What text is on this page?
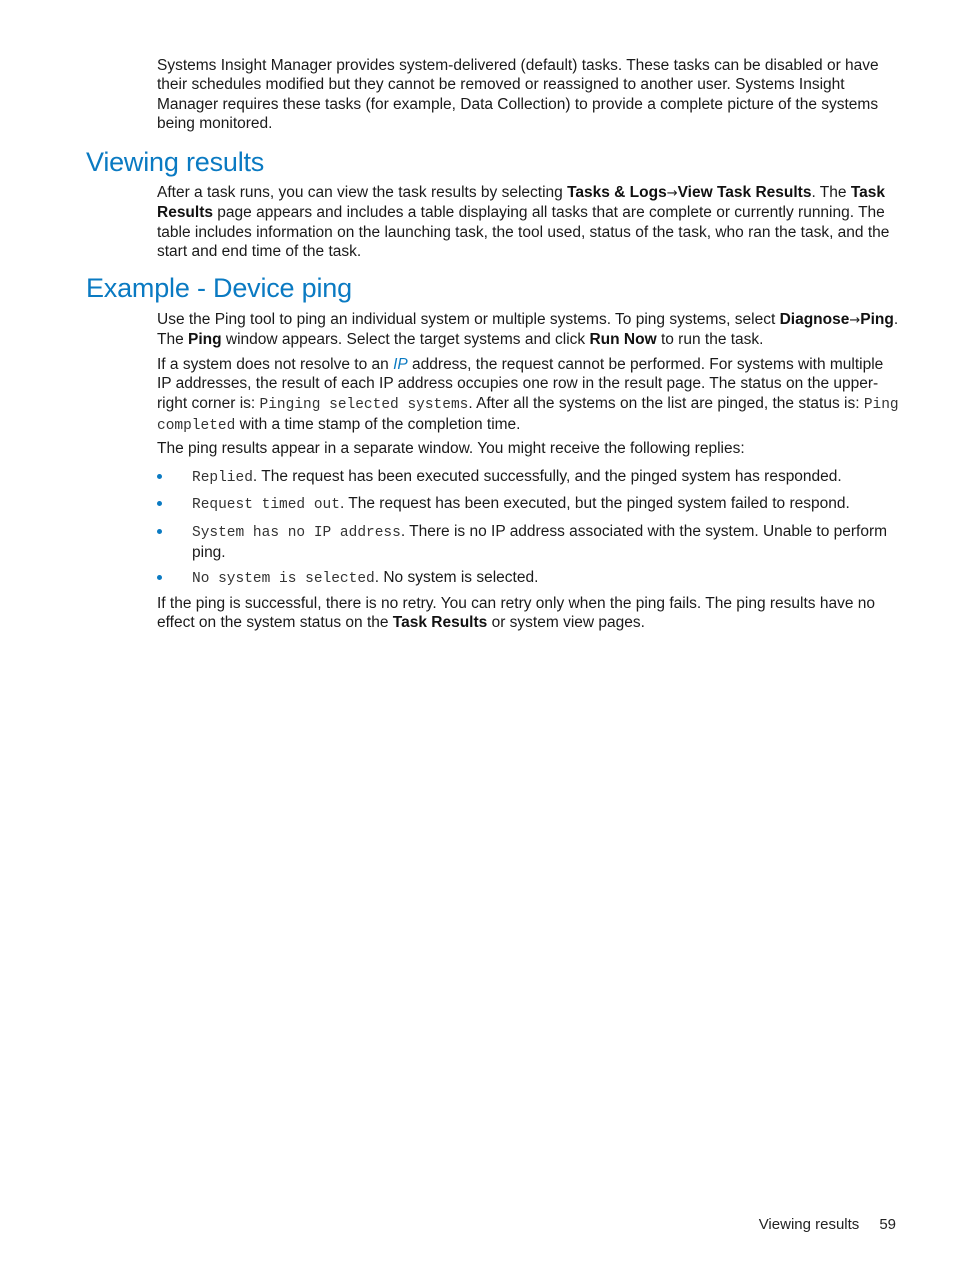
Systems Insight Manager provides system-delivered (default) tasks. These tasks can be disabled or have their schedules modified but they cannot be removed or reassigned to another user. Systems Insight Manager requires these tasks (for example, Data Collection) to provide a complete picture of the systems being monitored.

Viewing results

After a task runs, you can view the task results by selecting Tasks & Logs→View Task Results. The Task Results page appears and includes a table displaying all tasks that are complete or currently running. The table includes information on the launching task, the tool used, status of the task, who ran the task, and the start and end time of the task.

Example - Device ping

Use the Ping tool to ping an individual system or multiple systems. To ping systems, select Diagnose→Ping. The Ping window appears. Select the target systems and click Run Now to run the task.

If a system does not resolve to an IP address, the request cannot be performed. For systems with multiple IP addresses, the result of each IP address occupies one row in the result page. The status on the upper-right corner is: Pinging selected systems. After all the systems on the list are pinged, the status is: Ping completed with a time stamp of the completion time.

The ping results appear in a separate window. You might receive the following replies:

Replied. The request has been executed successfully, and the pinged system has responded.
Request timed out. The request has been executed, but the pinged system failed to respond.
System has no IP address. There is no IP address associated with the system. Unable to perform ping.
No system is selected. No system is selected.

If the ping is successful, there is no retry. You can retry only when the ping fails. The ping results have no effect on the system status on the Task Results or system view pages.

Viewing results 59
